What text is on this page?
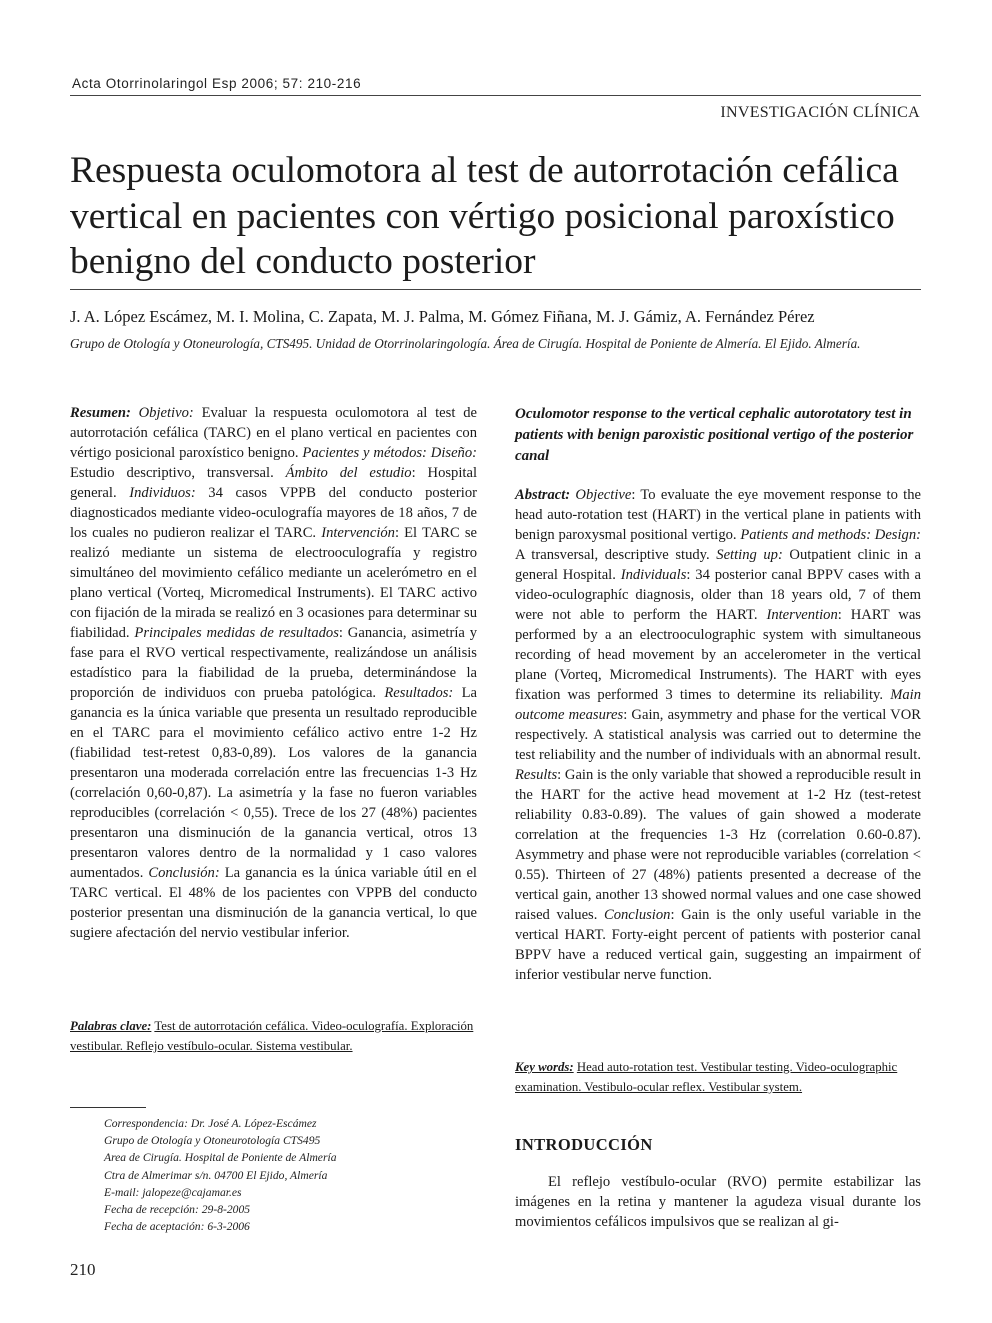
Acta Otorrinolaringol Esp 2006; 57: 210-216
INVESTIGACIÓN CLÍNICA
Respuesta oculomotora al test de autorrotación cefálica
vertical en pacientes con vértigo posicional paroxístico
benigno del conducto posterior
J. A. López Escámez, M. I. Molina, C. Zapata, M. J. Palma, M. Gómez Fiñana, M. J. Gámiz, A. Fernández Pérez
Grupo de Otología y Otoneurología, CTS495. Unidad de Otorrinolaringología. Área de Cirugía. Hospital de Poniente de Almería. El Ejido. Almería.
Resumen: Objetivo: Evaluar la respuesta oculomotora al test de autorrotación cefálica (TARC) en el plano vertical en pacientes con vértigo posicional paroxístico benigno. Pacientes y métodos: Diseño: Estudio descriptivo, transversal. Ámbito del estudio: Hospital general. Individuos: 34 casos VPPB del conducto posterior diagnosticados mediante video-oculografía mayores de 18 años, 7 de los cuales no pudieron realizar el TARC. Intervención: El TARC se realizó mediante un sistema de electrooculografía y registro simultáneo del movimiento cefálico mediante un acelerómetro en el plano vertical (Vorteq, Micromedical Instruments). El TARC activo con fijación de la mirada se realizó en 3 ocasiones para determinar su fiabilidad. Principales medidas de resultados: Ganancia, asimetría y fase para el RVO vertical respectivamente, realizándose un análisis estadístico para la fiabilidad de la prueba, determinándose la proporción de individuos con prueba patológica. Resultados: La ganancia es la única variable que presenta un resultado reproducible en el TARC para el movimiento cefálico activo entre 1-2 Hz (fiabilidad test-retest 0,83-0,89). Los valores de la ganancia presentaron una moderada correlación entre las frecuencias 1-3 Hz (correlación 0,60-0,87). La asimetría y la fase no fueron variables reproducibles (correlación < 0,55). Trece de los 27 (48%) pacientes presentaron una disminución de la ganancia vertical, otros 13 presentaron valores dentro de la normalidad y 1 caso valores aumentados. Conclusión: La ganancia es la única variable útil en el TARC vertical. El 48% de los pacientes con VPPB del conducto posterior presentan una disminución de la ganancia vertical, lo que sugiere afectación del nervio vestibular inferior.
Palabras clave: Test de autorrotación cefálica. Video-oculografía. Exploración vestibular. Reflejo vestíbulo-ocular. Sistema vestibular.
Oculomotor response to the vertical cephalic autorotatory test in patients with benign paroxistic positional vertigo of the posterior canal
Abstract: Objective: To evaluate the eye movement response to the head auto-rotation test (HART) in the vertical plane in patients with benign paroxysmal positional vertigo. Patients and methods: Design: A transversal, descriptive study. Setting up: Outpatient clinic in a general Hospital. Individuals: 34 posterior canal BPPV cases with a video-oculographíc diagnosis, older than 18 years old, 7 of them were not able to perform the HART. Intervention: HART was performed by a an electrooculographic system with simultaneous recording of head movement by an accelerometer in the vertical plane (Vorteq, Micromedical Instruments). The HART with eyes fixation was performed 3 times to determine its reliability. Main outcome measures: Gain, asymmetry and phase for the vertical VOR respectively. A statistical analysis was carried out to determine the test reliability and the number of individuals with an abnormal result. Results: Gain is the only variable that showed a reproducible result in the HART for the active head movement at 1-2 Hz (test-retest reliability 0.83-0.89). The values of gain showed a moderate correlation at the frequencies 1-3 Hz (correlation 0.60-0.87). Asymmetry and phase were not reproducible variables (correlation < 0.55). Thirteen of 27 (48%) patients presented a decrease of the vertical gain, another 13 showed normal values and one case showed raised values. Conclusion: Gain is the only useful variable in the vertical HART. Forty-eight percent of patients with posterior canal BPPV have a reduced vertical gain, suggesting an impairment of inferior vestibular nerve function.
Key words: Head auto-rotation test. Vestibular testing. Video-oculographic examination. Vestibulo-ocular reflex. Vestibular system.
Correspondencia: Dr. José A. López-Escámez
Grupo de Otología y Otoneurotología CTS495
Area de Cirugía. Hospital de Poniente de Almería
Ctra de Almerimar s/n. 04700 El Ejido, Almería
E-mail: jalopeze@cajamar.es
Fecha de recepción: 29-8-2005
Fecha de aceptación: 6-3-2006
INTRODUCCIÓN
El reflejo vestíbulo-ocular (RVO) permite estabilizar las imágenes en la retina y mantener la agudeza visual durante los movimientos cefálicos impulsivos que se realizan al gi-
210
